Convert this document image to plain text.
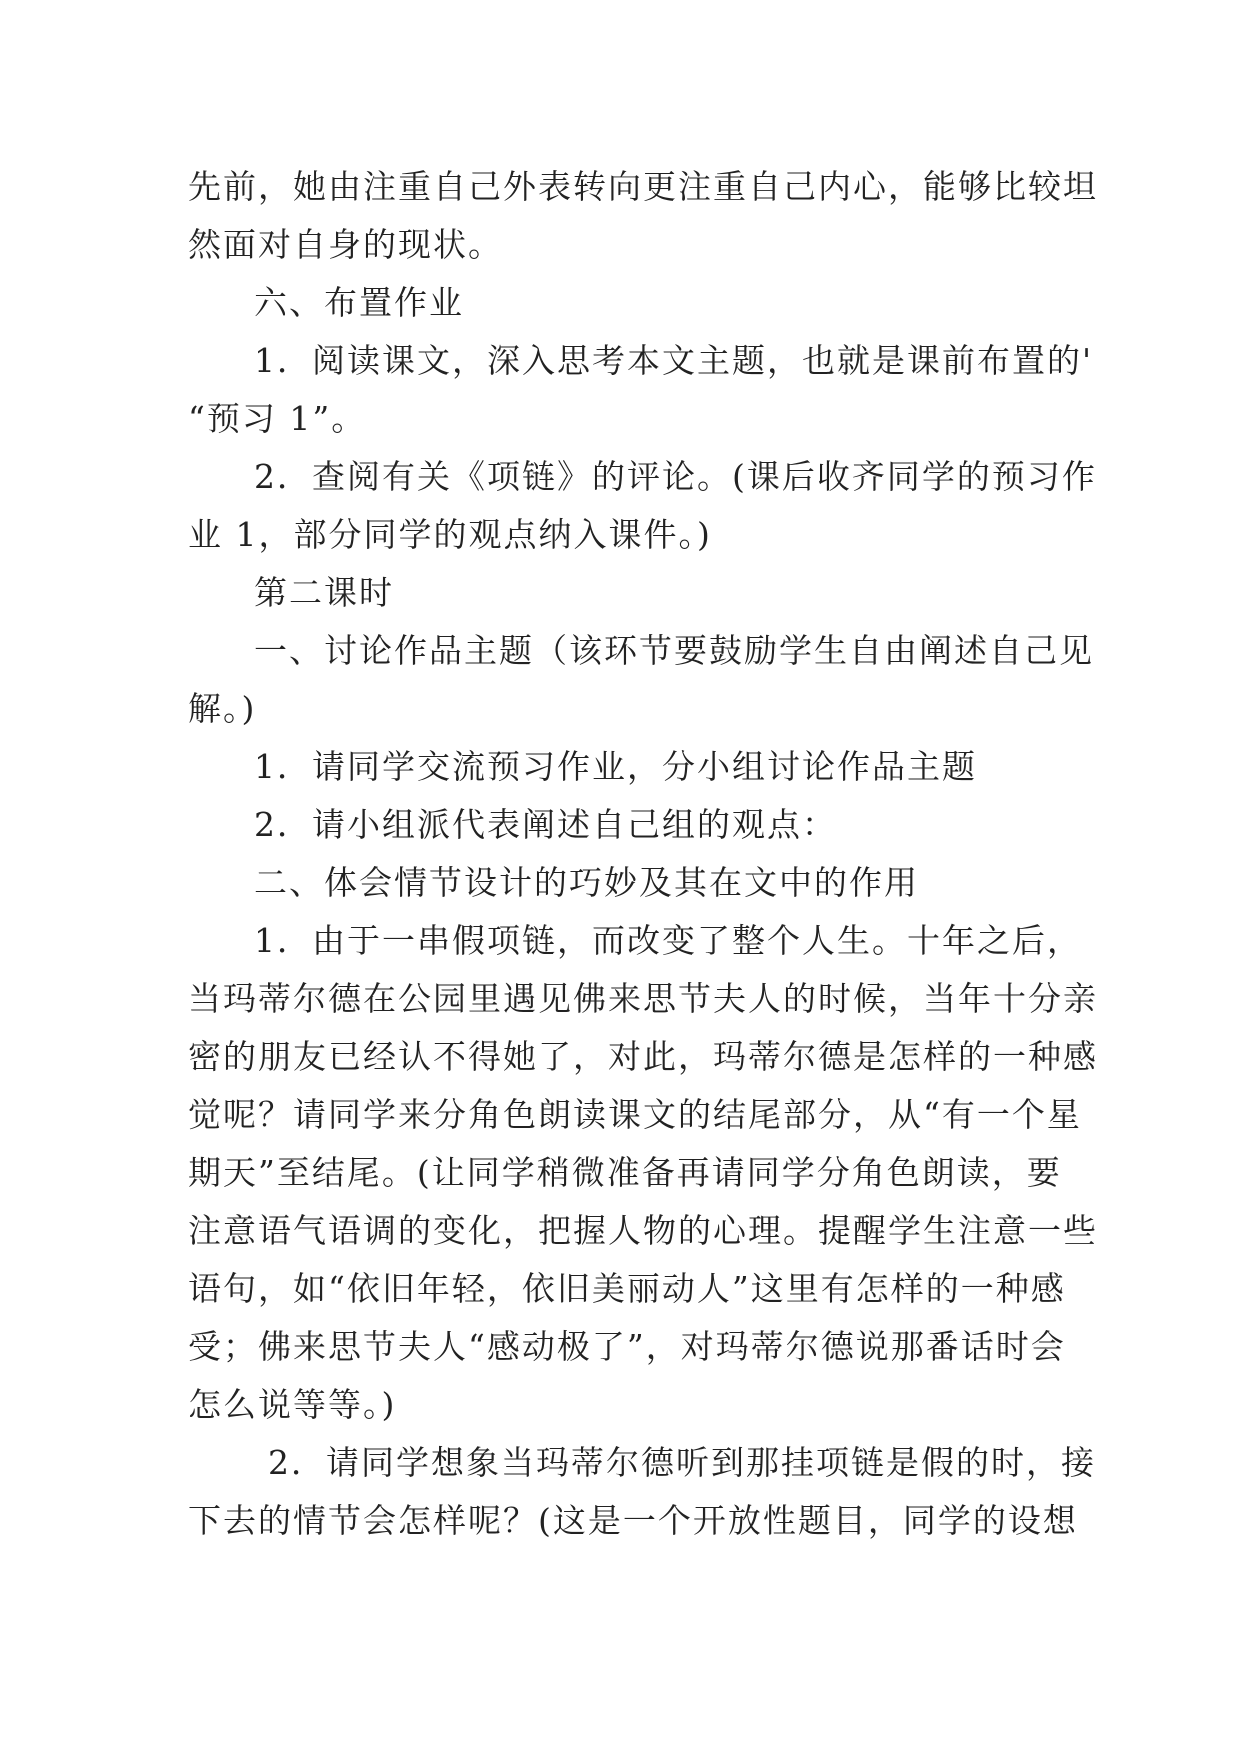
先前，她由注重自己外表转向更注重自己内心，能够比较坦

然面对自身的现状。

六、布置作业

1．阅读课文，深入思考本文主题，也就是课前布置的'

“预习 1”。

2．查阅有关《项链》的评论。(课后收齐同学的预习作

业 1，部分同学的观点纳入课件。)

第二课时

一、讨论作品主题（该环节要鼓励学生自由阐述自己见

解。)

1．请同学交流预习作业，分小组讨论作品主题

2．请小组派代表阐述自己组的观点：

二、体会情节设计的巧妙及其在文中的作用

1．由于一串假项链，而改变了整个人生。十年之后，

当玛蒂尔德在公园里遇见佛来思节夫人的时候，当年十分亲

密的朋友已经认不得她了，对此，玛蒂尔德是怎样的一种感

觉呢？请同学来分角色朗读课文的结尾部分，从“有一个星

期天”至结尾。(让同学稍微准备再请同学分角色朗读，要

注意语气语调的变化，把握人物的心理。提醒学生注意一些

语句，如“依旧年轻，依旧美丽动人”这里有怎样的一种感

受；佛来思节夫人“感动极了”，对玛蒂尔德说那番话时会

怎么说等等。)

2．请同学想象当玛蒂尔德听到那挂项链是假的时，接

下去的情节会怎样呢？(这是一个开放性题目，同学的设想
